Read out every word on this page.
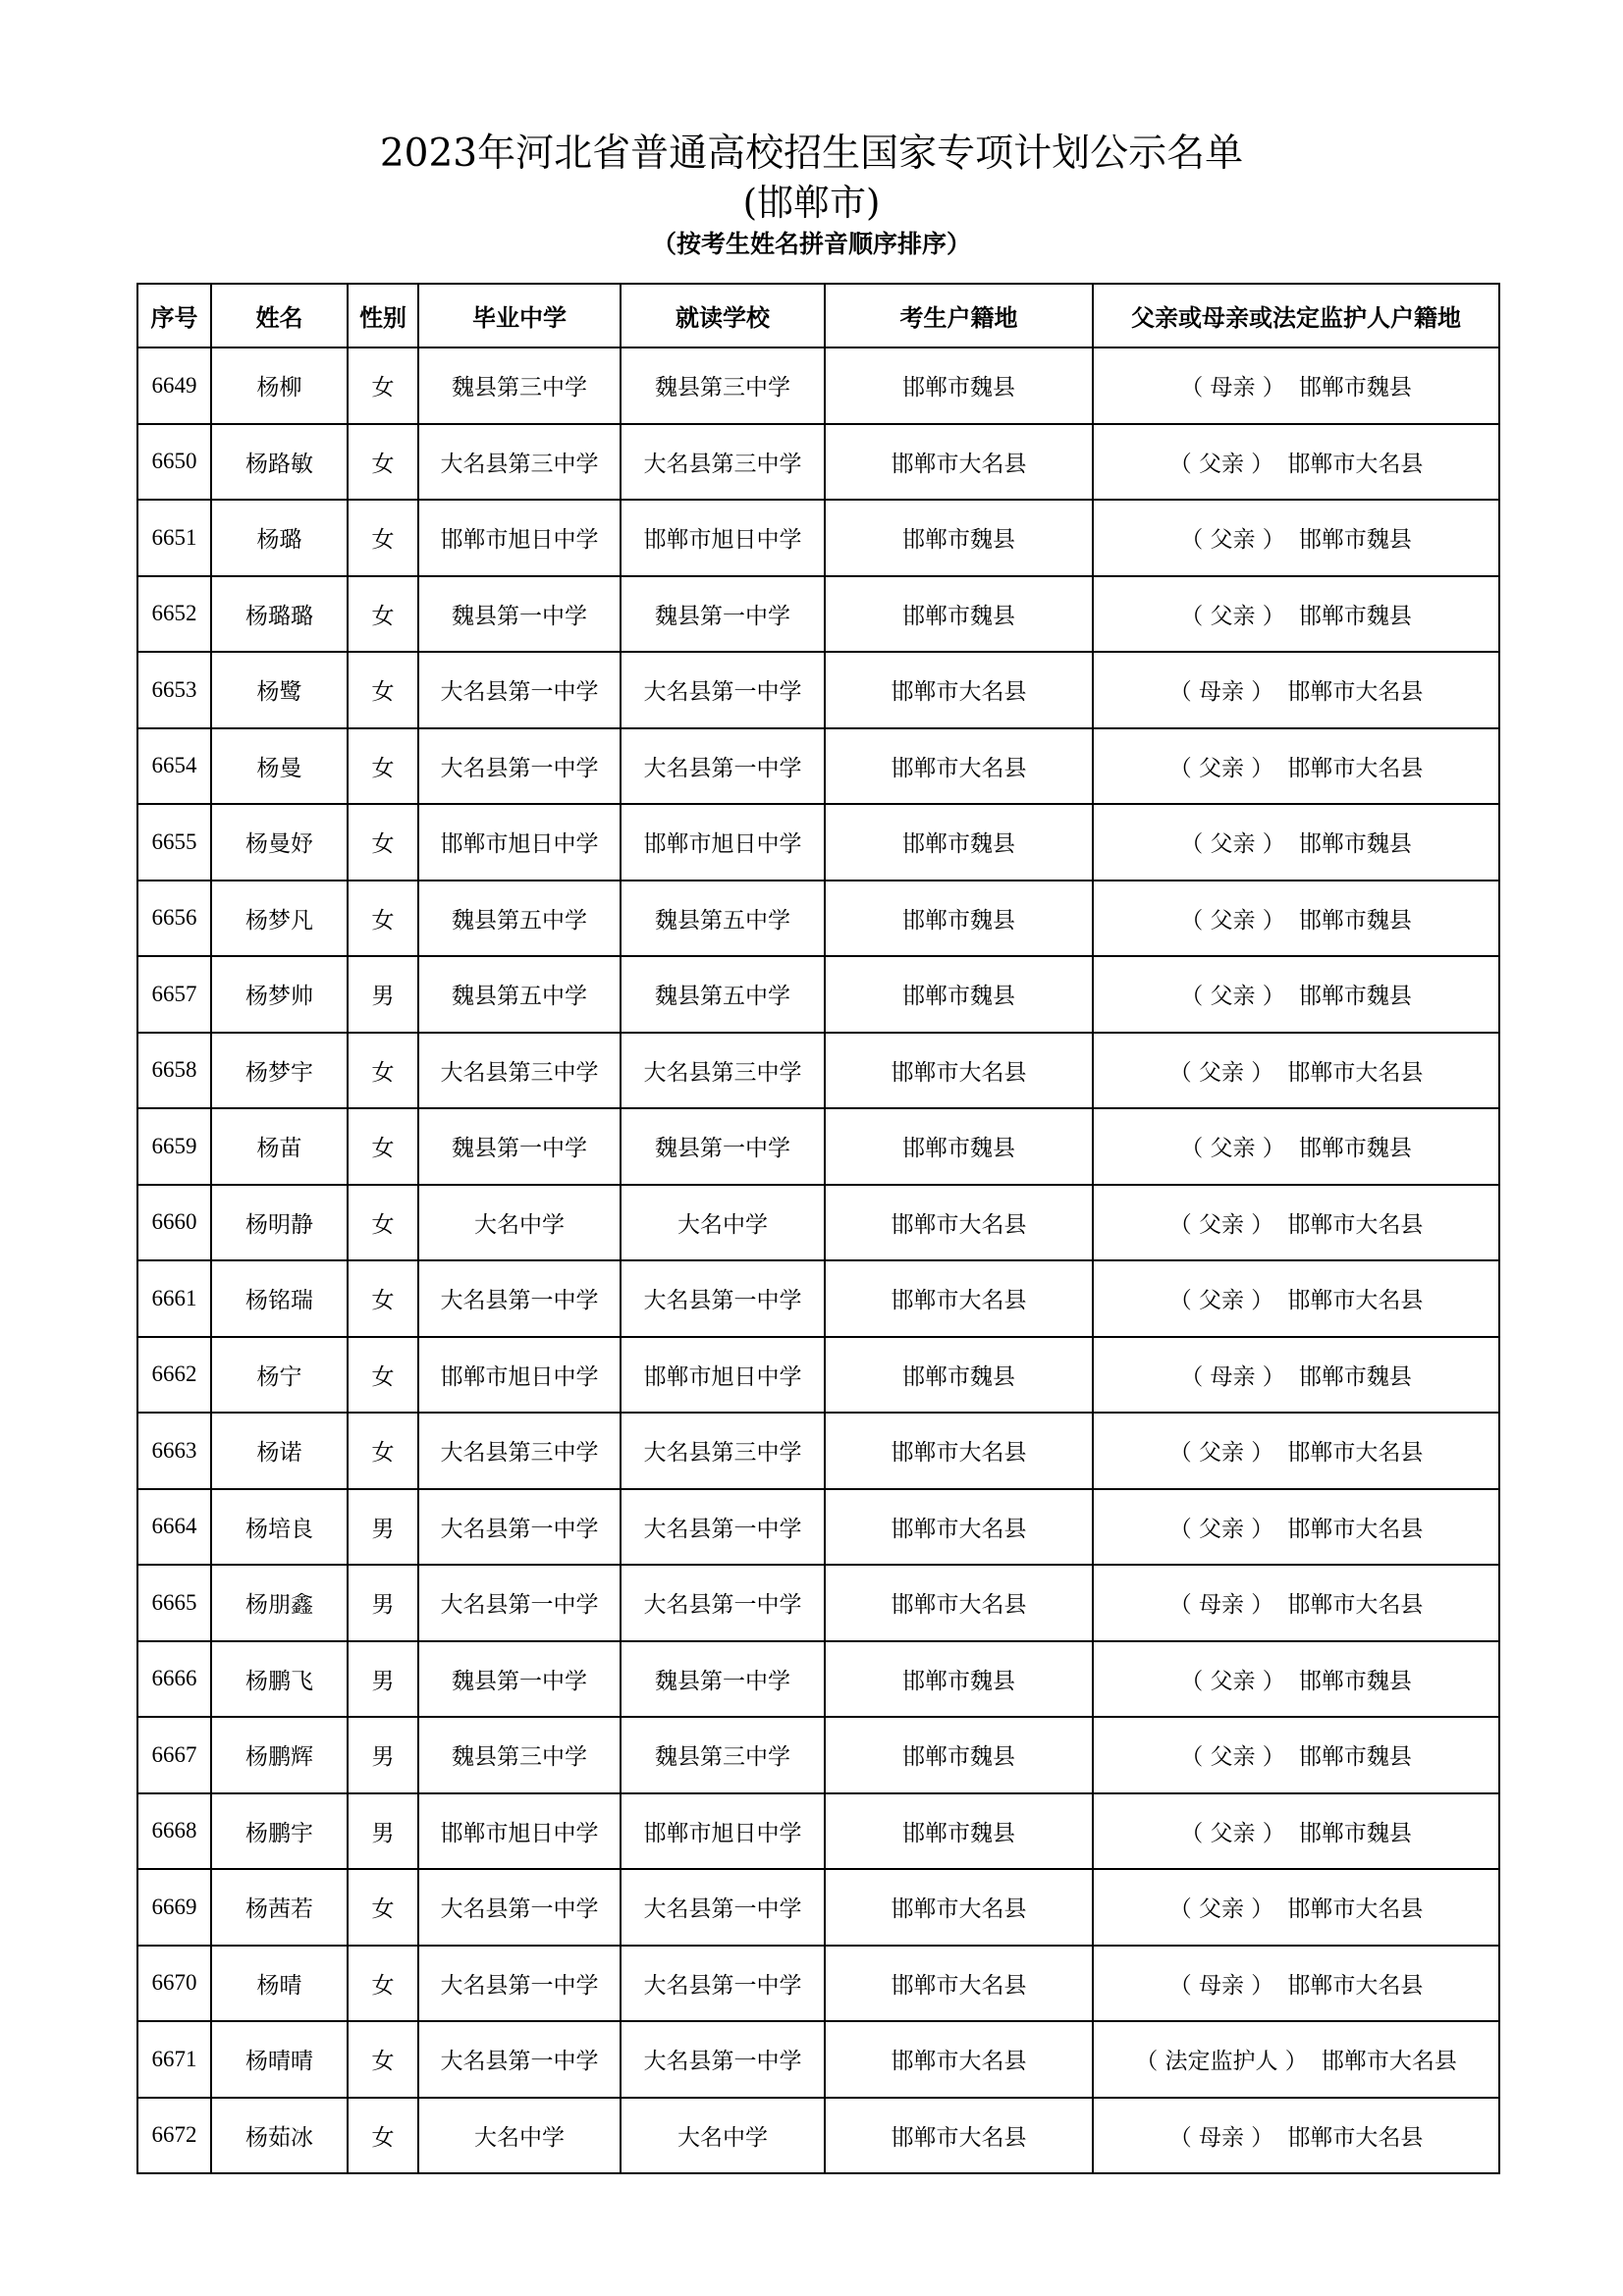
2023年河北省普通高校招生国家专项计划公示名单
(邯郸市)
（按考生姓名拼音顺序排序）
序号	姓名	性别	毕业中学	就读学校	考生户籍地	父亲或母亲或法定监护人户籍地
6649	杨柳	女	魏县第三中学	魏县第三中学	邯郸市魏县	（ 母亲 ） 邯郸市魏县
6650	杨路敏	女	大名县第三中学	大名县第三中学	邯郸市大名县	（ 父亲 ） 邯郸市大名县
6651	杨璐	女	邯郸市旭日中学	邯郸市旭日中学	邯郸市魏县	（ 父亲 ） 邯郸市魏县
6652	杨璐璐	女	魏县第一中学	魏县第一中学	邯郸市魏县	（ 父亲 ） 邯郸市魏县
6653	杨鹭	女	大名县第一中学	大名县第一中学	邯郸市大名县	（ 母亲 ） 邯郸市大名县
6654	杨曼	女	大名县第一中学	大名县第一中学	邯郸市大名县	（ 父亲 ） 邯郸市大名县
6655	杨曼妤	女	邯郸市旭日中学	邯郸市旭日中学	邯郸市魏县	（ 父亲 ） 邯郸市魏县
6656	杨梦凡	女	魏县第五中学	魏县第五中学	邯郸市魏县	（ 父亲 ） 邯郸市魏县
6657	杨梦帅	男	魏县第五中学	魏县第五中学	邯郸市魏县	（ 父亲 ） 邯郸市魏县
6658	杨梦宇	女	大名县第三中学	大名县第三中学	邯郸市大名县	（ 父亲 ） 邯郸市大名县
6659	杨苗	女	魏县第一中学	魏县第一中学	邯郸市魏县	（ 父亲 ） 邯郸市魏县
6660	杨明静	女	大名中学	大名中学	邯郸市大名县	（ 父亲 ） 邯郸市大名县
6661	杨铭瑞	女	大名县第一中学	大名县第一中学	邯郸市大名县	（ 父亲 ） 邯郸市大名县
6662	杨宁	女	邯郸市旭日中学	邯郸市旭日中学	邯郸市魏县	（ 母亲 ） 邯郸市魏县
6663	杨诺	女	大名县第三中学	大名县第三中学	邯郸市大名县	（ 父亲 ） 邯郸市大名县
6664	杨培良	男	大名县第一中学	大名县第一中学	邯郸市大名县	（ 父亲 ） 邯郸市大名县
6665	杨朋鑫	男	大名县第一中学	大名县第一中学	邯郸市大名县	（ 母亲 ） 邯郸市大名县
6666	杨鹏飞	男	魏县第一中学	魏县第一中学	邯郸市魏县	（ 父亲 ） 邯郸市魏县
6667	杨鹏辉	男	魏县第三中学	魏县第三中学	邯郸市魏县	（ 父亲 ） 邯郸市魏县
6668	杨鹏宇	男	邯郸市旭日中学	邯郸市旭日中学	邯郸市魏县	（ 父亲 ） 邯郸市魏县
6669	杨茜若	女	大名县第一中学	大名县第一中学	邯郸市大名县	（ 父亲 ） 邯郸市大名县
6670	杨晴	女	大名县第一中学	大名县第一中学	邯郸市大名县	（ 母亲 ） 邯郸市大名县
6671	杨晴晴	女	大名县第一中学	大名县第一中学	邯郸市大名县	（ 法定监护人 ） 邯郸市大名县
6672	杨茹冰	女	大名中学	大名中学	邯郸市大名县	（ 母亲 ） 邯郸市大名县
